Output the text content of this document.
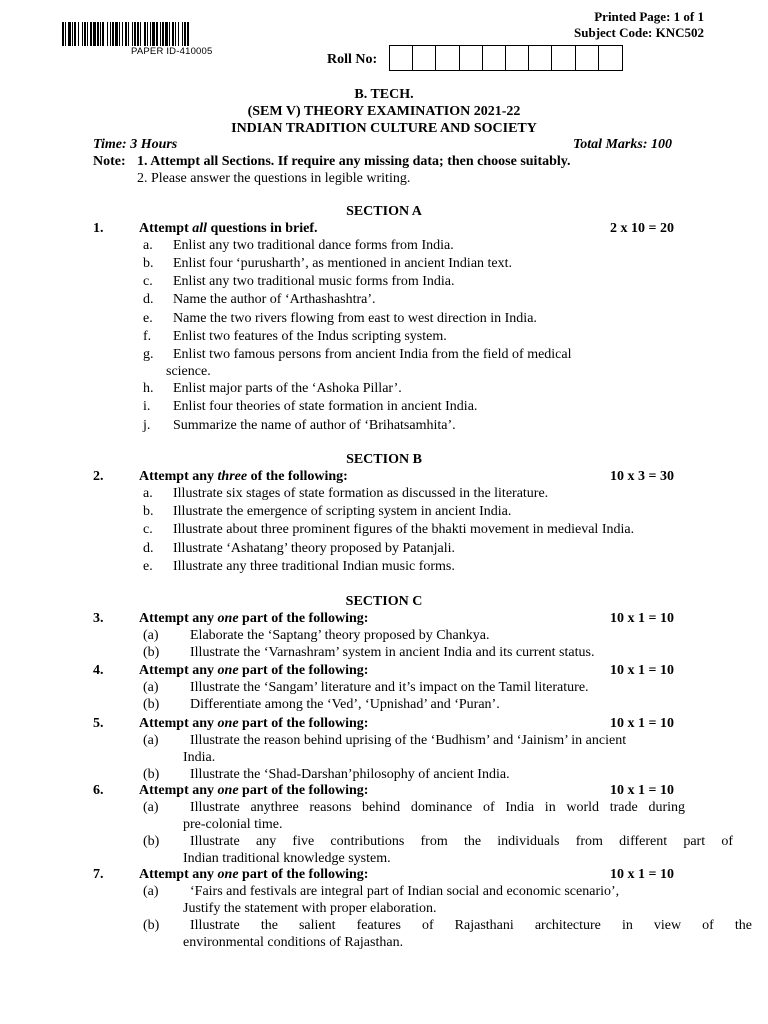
PAPER ID-410005
Printed Page: 1 of 1
Subject Code: KNC502
Roll No:
B. TECH.
(SEM V) THEORY EXAMINATION 2021-22
INDIAN TRADITION CULTURE AND SOCIETY
Time: 3 Hours	Total Marks: 100
Note: 1. Attempt all Sections. If require any missing data; then choose suitably.
2. Please answer the questions in legible writing.
SECTION A
1.	Attempt all questions in brief.	2 x 10 = 20
a. Enlist any two traditional dance forms from India.
b. Enlist four ‘purusharth’, as mentioned in ancient Indian text.
c. Enlist any two traditional music forms from India.
d. Name the author of ‘Arthashashtra’.
e. Name the two rivers flowing from east to west direction in India.
f. Enlist two features of the Indus scripting system.
g. Enlist two famous persons from ancient India from the field of medical
science.
h. Enlist major parts of the ‘Ashoka Pillar’.
i. Enlist four theories of state formation in ancient India.
j. Summarize the name of author of ‘Brihatsamhita’.
SECTION B
2.	Attempt any three of the following:	10 x 3 = 30
a. Illustrate six stages of state formation as discussed in the literature.
b. Illustrate the emergence of scripting system in ancient India.
c. Illustrate about three prominent figures of the bhakti movement in medieval India.
d. Illustrate ‘Ashatang’ theory proposed by Patanjali.
e. Illustrate any three traditional Indian music forms.
SECTION C
3.	Attempt any one part of the following:	10 x 1 = 10
(a) Elaborate the ‘Saptang’ theory proposed by Chankya.
(b) Illustrate the ‘Varnashram’ system in ancient India and its current status.
4.	Attempt any one part of the following:	10 x 1 = 10
(a) Illustrate the ‘Sangam’ literature and it’s impact on the Tamil literature.
(b) Differentiate among the ‘Ved’, ‘Upnishad’ and ‘Puran’.
5.	Attempt any one part of the following:	10 x 1 = 10
(a) Illustrate the reason behind uprising of the ‘Budhism’ and ‘Jainism’ in ancient
India.
(b) Illustrate the ‘Shad-Darshan’philosophy of ancient India.
6.	Attempt any one part of the following:	10 x 1 = 10
(a) Illustrate anythree reasons behind dominance of India in world trade during
pre-colonial time.
(b) Illustrate any five contributions from the individuals from different part of
Indian traditional knowledge system.
7.	Attempt any one part of the following:	10 x 1 = 10
(a) ‘Fairs and festivals are integral part of Indian social and economic scenario’,
Justify the statement with proper elaboration.
(b) Illustrate the salient features of Rajasthani architecture in view of the
environmental conditions of Rajasthan.
